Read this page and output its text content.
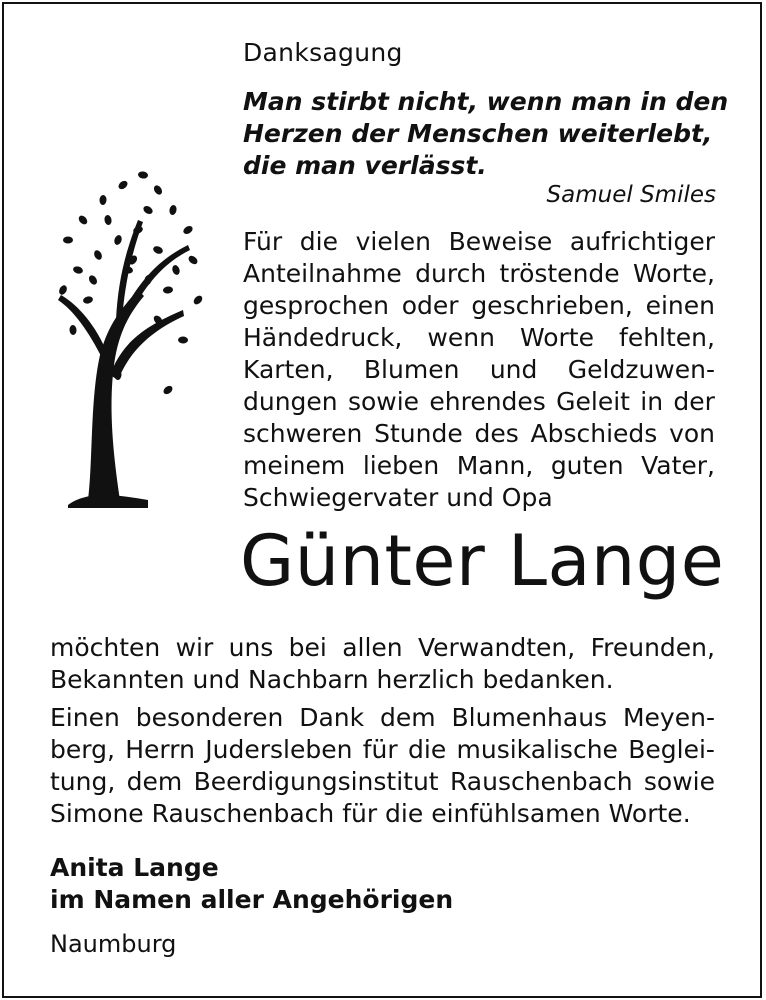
Danksagung
Man stirbt nicht, wenn man in den
Herzen der Menschen weiterlebt,
die man verlässt.
Samuel Smiles
Für die vielen Beweise aufrichtiger
Anteilnahme durch tröstende Worte,
gesprochen oder geschrieben, einen
Händedruck, wenn Worte fehlten,
Karten, Blumen und Geldzuwen-
dungen sowie ehrendes Geleit in der
schweren Stunde des Abschieds von
meinem lieben Mann, guten Vater,
Schwiegervater und Opa
Günter Lange
möchten wir uns bei allen Verwandten, Freunden,
Bekannten und Nachbarn herzlich bedanken.
Einen besonderen Dank dem Blumenhaus Meyen-
berg, Herrn Judersleben für die musikalische Beglei-
tung, dem Beerdigungsinstitut Rauschenbach sowie
Simone Rauschenbach für die einfühlsamen Worte.
Anita Lange
im Namen aller Angehörigen
Naumburg
